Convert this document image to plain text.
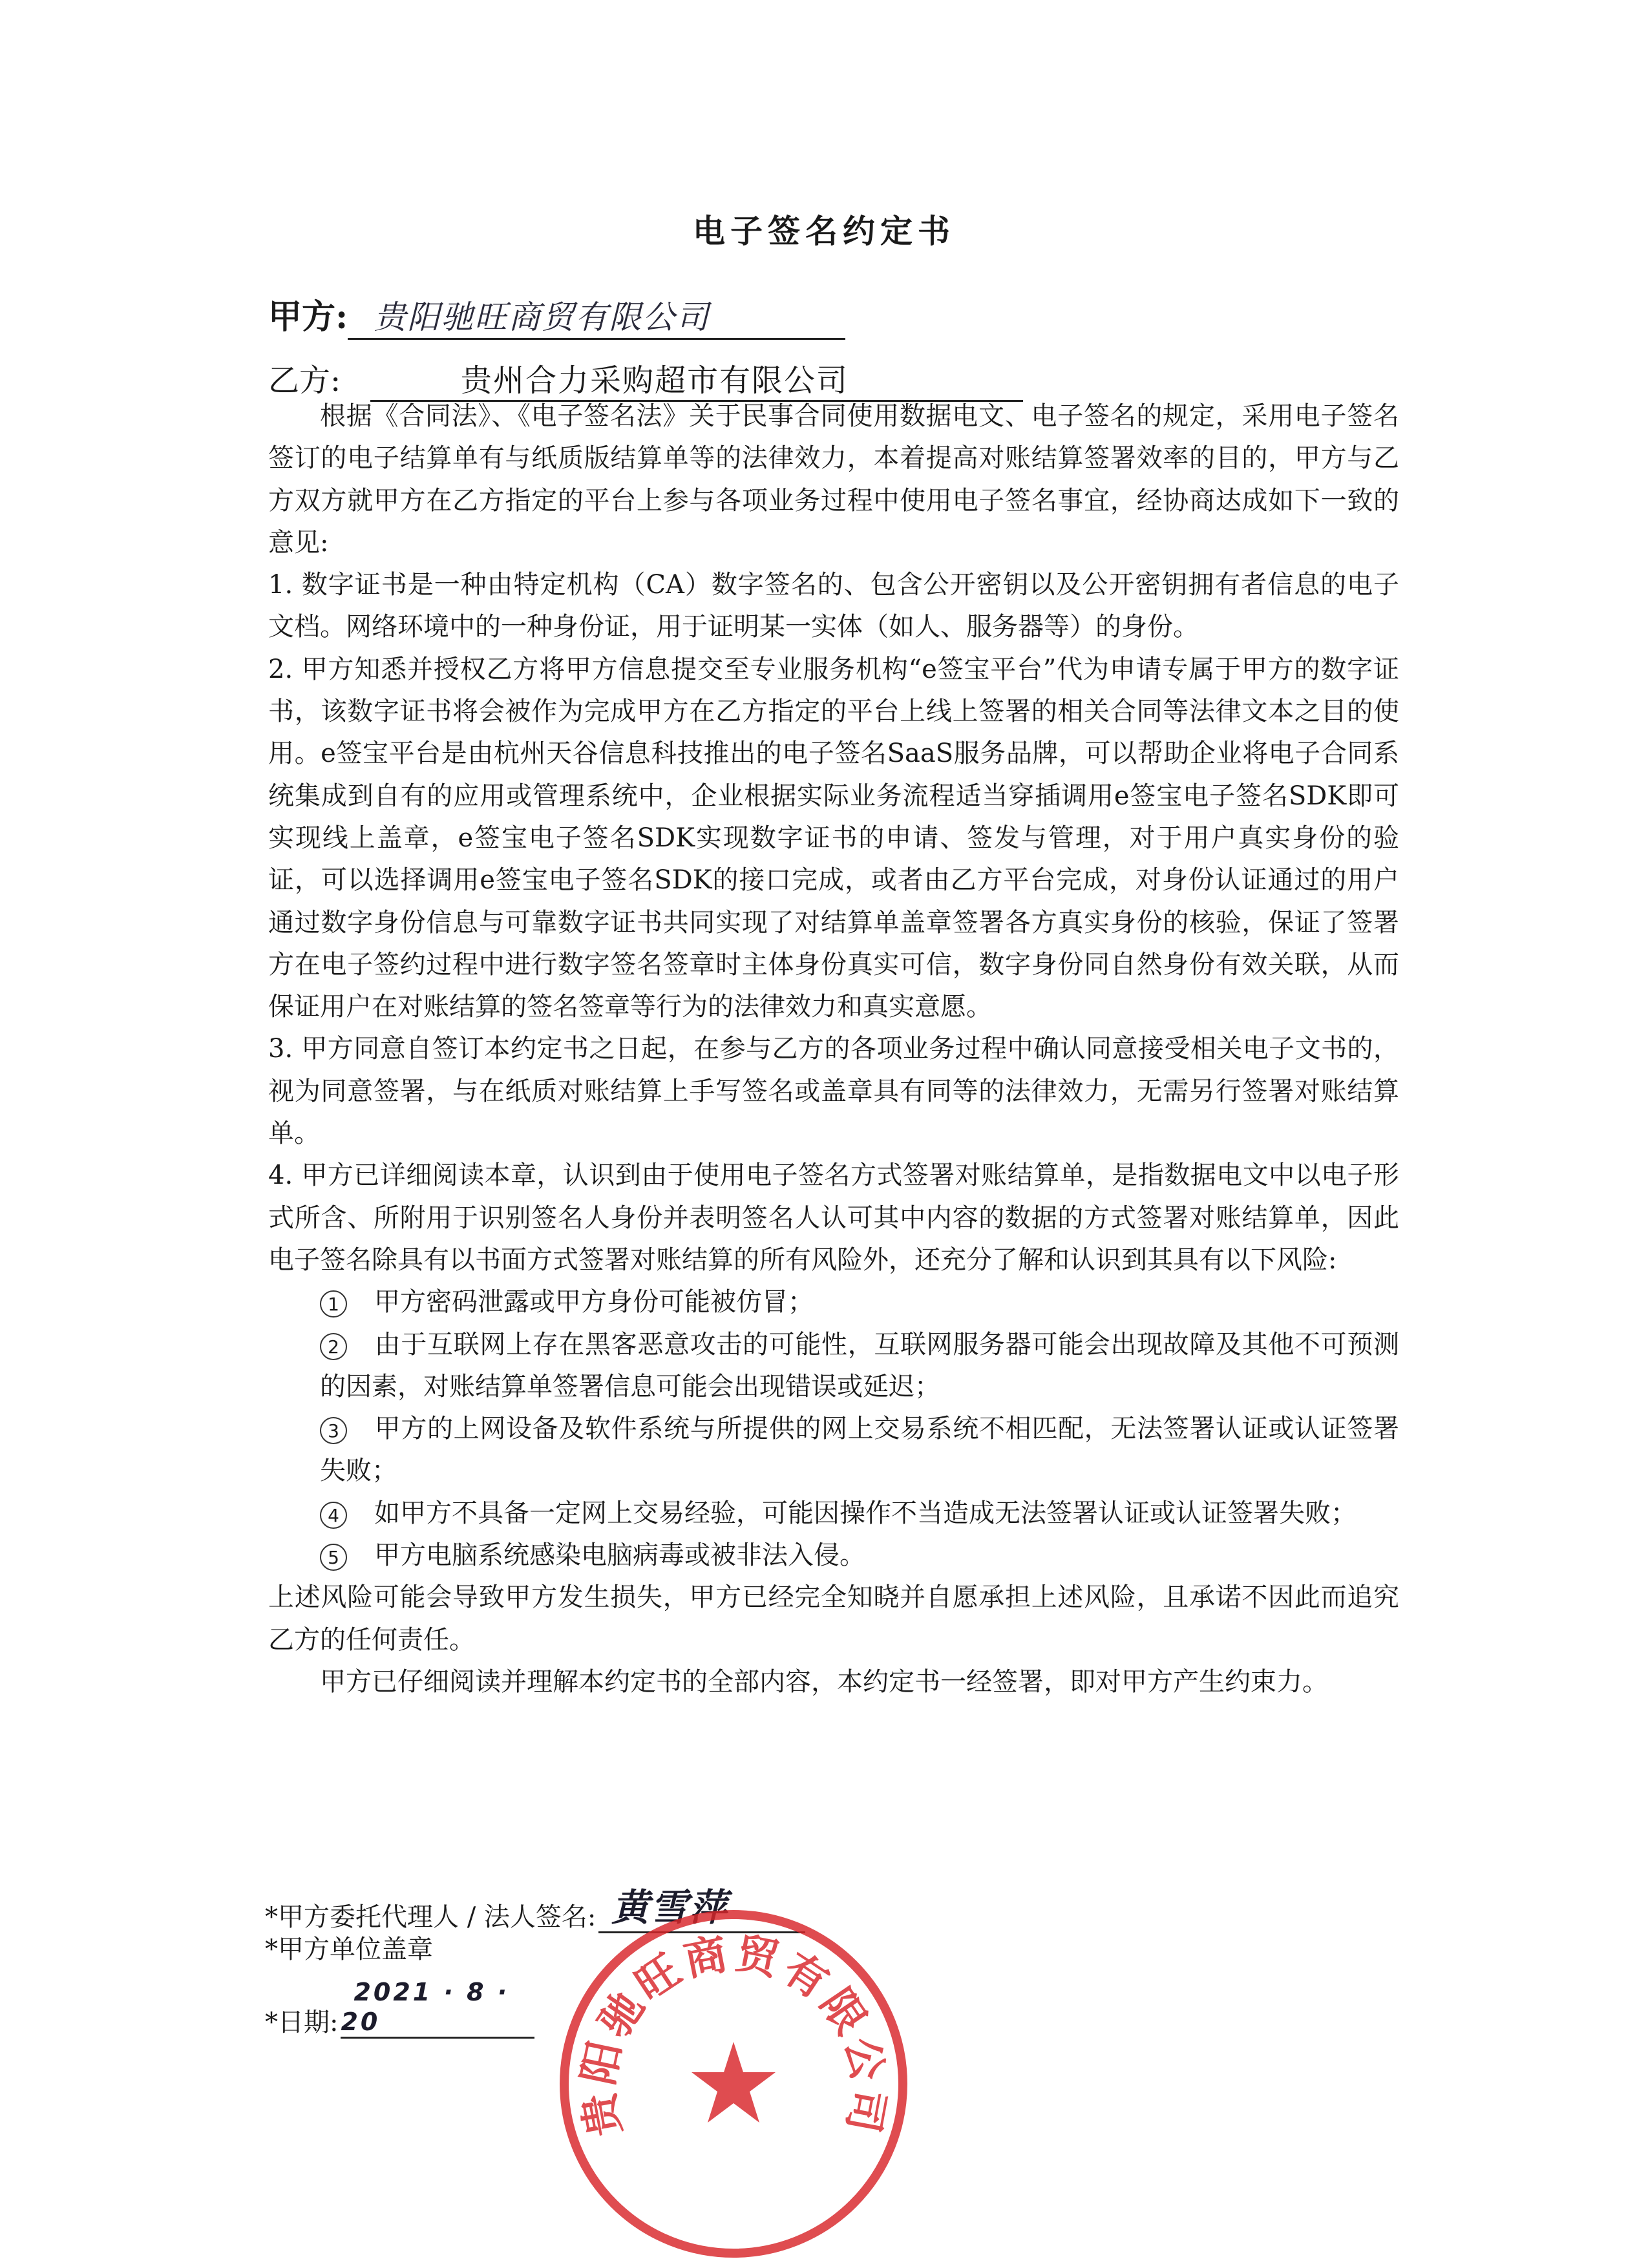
电子签名约定书
甲方: 贵阳驰旺商贸有限公司
乙方:	贵州合力采购超市有限公司

根据《合同法》、《电子签名法》关于民事合同使用数据电文、电子签名的规定，采用电子签名签订的电子结算单有与纸质版结算单等的法律效力，本着提高对账结算签署效率的目的，甲方与乙方双方就甲方在乙方指定的平台上参与各项业务过程中使用电子签名事宜，经协商达成如下一致的意见:

1. 数字证书是一种由特定机构（CA）数字签名的、包含公开密钥以及公开密钥拥有者信息的电子文档。网络环境中的一种身份证，用于证明某一实体（如人、服务器等）的身份。

2. 甲方知悉并授权乙方将甲方信息提交至专业服务机构“e签宝平台”代为申请专属于甲方的数字证书，该数字证书将会被作为完成甲方在乙方指定的平台上线上签署的相关合同等法律文本之目的使用。e签宝平台是由杭州天谷信息科技推出的电子签名SaaS服务品牌，可以帮助企业将电子合同系统集成到自有的应用或管理系统中，企业根据实际业务流程适当穿插调用e签宝电子签名SDK即可实现线上盖章，e签宝电子签名SDK实现数字证书的申请、签发与管理，对于用户真实身份的验证，可以选择调用e签宝电子签名SDK的接口完成，或者由乙方平台完成，对身份认证通过的用户通过数字身份信息与可靠数字证书共同实现了对结算单盖章签署各方真实身份的核验，保证了签署方在电子签约过程中进行数字签名签章时主体身份真实可信，数字身份同自然身份有效关联，从而保证用户在对账结算的签名签章等行为的法律效力和真实意愿。

3. 甲方同意自签订本约定书之日起，在参与乙方的各项业务过程中确认同意接受相关电子文书的，视为同意签署，与在纸质对账结算上手写签名或盖章具有同等的法律效力，无需另行签署对账结算单。

4. 甲方已详细阅读本章，认识到由于使用电子签名方式签署对账结算单，是指数据电文中以电子形式所含、所附用于识别签名人身份并表明签名人认可其中内容的数据的方式签署对账结算单，因此电子签名除具有以书面方式签署对账结算的所有风险外，还充分了解和认识到其具有以下风险:

1 甲方密码泄露或甲方身份可能被仿冒；

2 由于互联网上存在黑客恶意攻击的可能性，互联网服务器可能会出现故障及其他不可预测的因素，对账结算单签署信息可能会出现错误或延迟；

3 甲方的上网设备及软件系统与所提供的网上交易系统不相匹配，无法签署认证或认证签署失败；

4 如甲方不具备一定网上交易经验，可能因操作不当造成无法签署认证或认证签署失败；

5 甲方电脑系统感染电脑病毒或被非法入侵。

上述风险可能会导致甲方发生损失，甲方已经完全知晓并自愿承担上述风险，且承诺不因此而追究乙方的任何责任。

甲方已仔细阅读并理解本约定书的全部内容，本约定书一经签署，即对甲方产生约束力。

*甲方委托代理人 / 法人签名: 黄雪萍
*甲方单位盖章
*日期:2021 · 8 · 20
贵阳驰旺商贸有限公司
